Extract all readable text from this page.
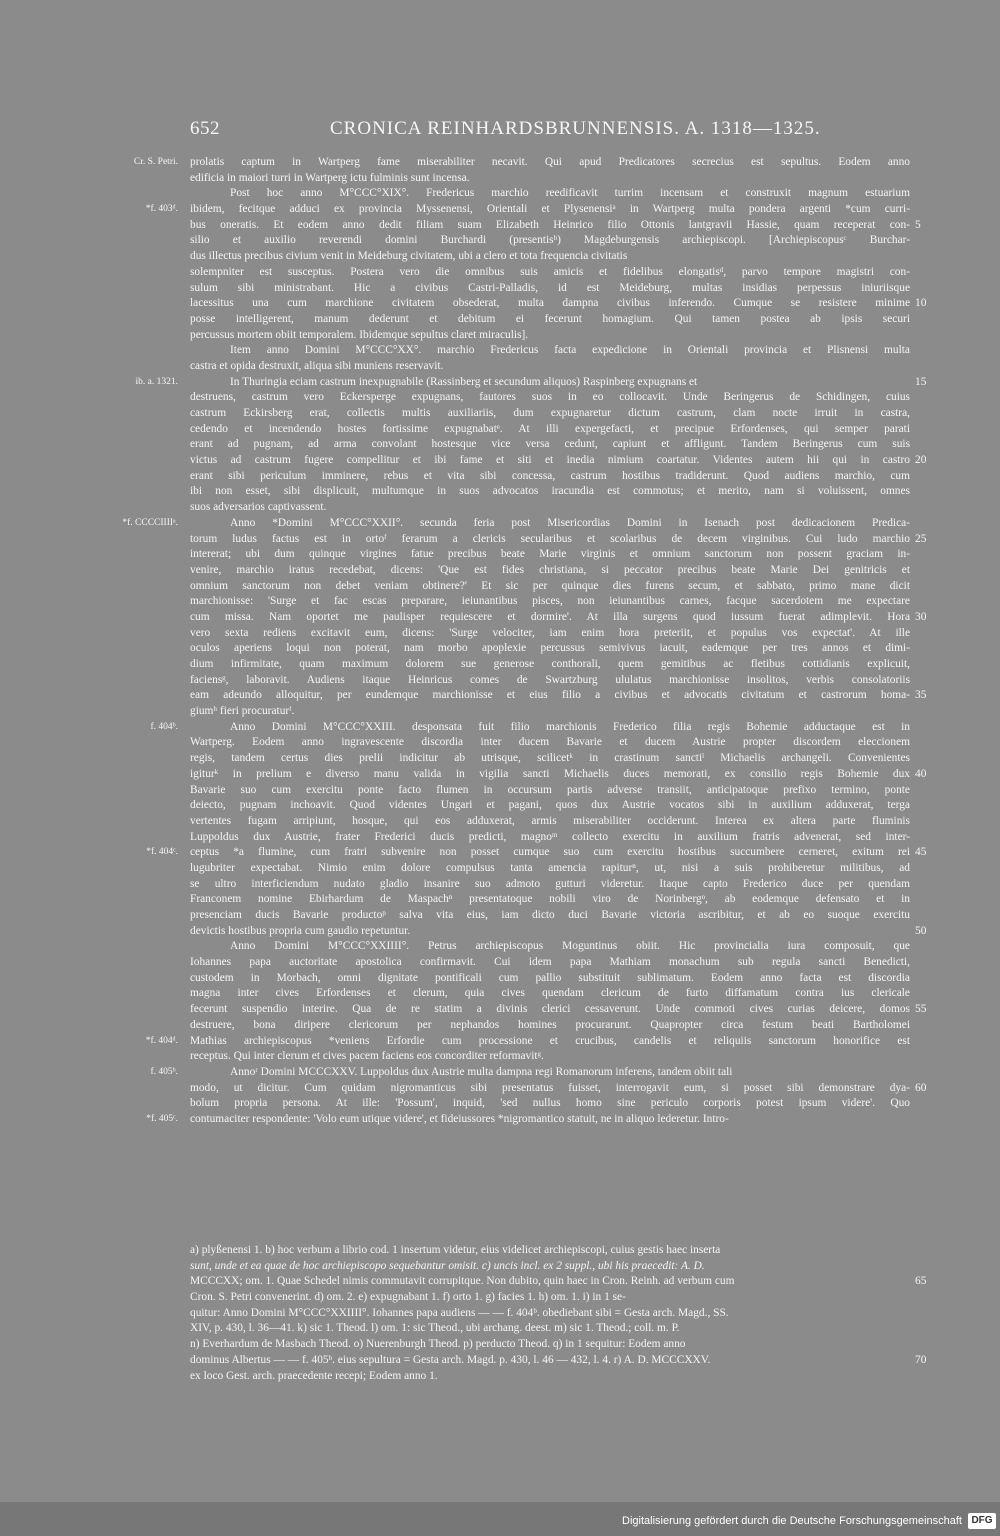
652	CRONICA REINHARDSBRUNNENSIS. A. 1318—1325.
Cr. S. Petri. prolatis captum in Wartperg fame miserabiliter necavit. Qui apud Predicatores secrecius est sepultus. Eodem anno
edificia in maiori turri in Wartperg ictu fulminis sunt incensa.
Post hoc anno M°CCC°XIX°. Fredericus marchio reedificavit turrim incensam et construxit magnum estuarium
*f. 403ᵈ. ibidem, fecitque adduci ex provincia Myssenensi, Orientali et Plysenensiᵃ in Wartperg multa pondera argenti *cum curri-
bus oneratis. Et eodem anno dedit filiam suam Elizabeth Heinrico filio Ottonis lantgravii Hassie, quam receperat con- 5
silio et auxilio reverendi domini Burchardi (presentisᵇ) Magdeburgensis archiepiscopi. [Archiepiscopusᶜ Burchar-
dus illectus precibus civium venit in Meideburg civitatem, ubi a clero et tota frequencia civitatis
solempniter est susceptus. Postera vero die omnibus suis amicis et fidelibus elongatisᵈ, parvo tempore magistri con-
sulum sibi ministrabant. Hic a civibus Castri-Palladis, id est Meideburg, multas insidias perpessus iniuriisque
lacessitus una cum marchione civitatem obsederat, multa dampna civibus inferendo. Cumque se resistere minime 10
posse intelligerent, manum dederunt et debitum ei fecerunt homagium. Qui tamen postea ab ipsis securi
percussus mortem obiit temporalem. Ibidemque sepultus claret miraculis].
Item anno Domini M°CCC°XX°. marchio Fredericus facta expedicione in Orientali provincia et Plisnensi multa
castra et opida destruxit, aliqua sibi muniens reservavit.
ib. a. 1321.	In Thuringia eciam castrum inexpugnabile (Rassinberg et secundum aliquos) Raspinberg expugnans et	15
destruens, castrum vero Eckersperge expugnans, fautores suos in eo collocavit. Unde Beringerus de Schidingen, cuius
castrum Eckirsberg erat, collectis multis auxiliariis, dum expugnaretur dictum castrum, clam nocte irruit in castra,
cedendo et incendendo hostes fortissime expugnabatᵉ. At illi expergefacti, et precipue Erfordenses, qui semper parati
erant ad pugnam, ad arma convolant hostesque vice versa cedunt, capiunt et affligunt. Tandem Beringerus cum suis
victus ad castrum fugere compellitur et ibi fame et siti et inedia nimium coartatur. Videntes autem hii qui in castro 20
erant sibi periculum imminere, rebus et vita sibi concessa, castrum hostibus tradiderunt. Quod audiens marchio, cum
ibi non esset, sibi displicuit, multumque in suos advocatos iracundia est commotus; et merito, nam si voluissent, omnes
suos adversarios captivassent.
*f. CCCCIIIIᵃ.	Anno *Domini M°CCC°XXII°. secunda feria post Misericordias Domini in Isenach post dedicacionem Predica-
torum ludus factus est in ortoᶠ ferarum a clericis secularibus et scolaribus de decem virginibus. Cui ludo marchio 25
intererat; ubi dum quinque virgines fatue precibus beate Marie virginis et omnium sanctorum non possent graciam in-
venire, marchio iratus recedebat, dicens: 'Que est fides christiana, si peccator precibus beate Marie Dei genitricis et
omnium sanctorum non debet veniam obtinere?' Et sic per quinque dies furens secum, et sabbato, primo mane dicit
marchionisse: 'Surge et fac escas preparare, ieiunantibus pisces, non ieiunantibus carnes, facque sacerdotem me expectare
cum missa. Nam oportet me paulisper requiescere et dormire'. At illa surgens quod iussum fuerat adimplevit. Hora 30
vero sexta rediens excitavit eum, dicens: 'Surge velociter, iam enim hora preteriit, et populus vos expectat'. At ille
oculos aperiens loqui non poterat, nam morbo apoplexie percussus semivivus iacuit, eademque per tres annos et dimi-
dium infirmitate, quam maximum dolorem sue generose conthorali, quem gemitibus ac fletibus cottidianis explicuit,
faciensᵍ, laboravit. Audiens itaque Heinricus comes de Swartzburg ululatus marchionisse insolitos, verbis consolatoriis
eam adeundo alloquitur, per eundemque marchionisse et eius filio a civibus et advocatis civitatum et castrorum homa- 35
giumʰ fieri procuraturⁱ.
f. 404ᵇ.	Anno Domini M°CCC°XXIII. desponsata fuit filio marchionis Frederico filia regis Bohemie adductaque est in
Wartperg. Eodem anno ingravescente discordia inter ducem Bavarie et ducem Austrie propter discordem eleccionem
regis, tandem certus dies prelii indicitur ab utrisque, scilicetᵏ in crastinum sanctiˡ Michaelis archangeli. Convenientes
igiturᵏ in prelium e diverso manu valida in vigilia sancti Michaelis duces memorati, ex consilio regis Bohemie dux 40
Bavarie suo cum exercitu ponte facto flumen in occursum partis adverse transiit, anticipatoque prefixo termino, ponte
deiecto, pugnam inchoavit. Quod videntes Ungari et pagani, quos dux Austrie vocatos sibi in auxilium adduxerat, terga
vertentes fugam arripiunt, hosque, qui eos adduxerat, armis miserabiliter occiderunt. Interea ex altera parte fluminis
Luppoldus dux Austrie, frater Frederici ducis predicti, magnoᵐ collecto exercitu in auxilium fratris advenerat, sed inter-
*f. 404ᶜ. ceptus *a flumine, cum fratri subvenire non posset cumque suo cum exercitu hostibus succumbere cerneret, exitum rei 45
lugubriter expectabat. Nimio enim dolore compulsus tanta amencia rapiturⁿ, ut, nisi a suis prohiberetur militibus, ad
se ultro interficiendum nudato gladio insanire suo admoto gutturi videretur. Itaque capto Frederico duce per quendam
Franconem nomine Ebirhardum de Maspachⁿ presentatoque nobili viro de Norinbergᵒ, ab eodemque defensato et in
presenciam ducis Bavarie productoᵖ salva vita eius, iam dicto duci Bavarie victoria ascribitur, et ab eo suoque exercitu
devictis hostibus propria cum gaudio repetuntur.	50
Anno Domini M°CCC°XXIIII°. Petrus archiepiscopus Moguntinus obiit. Hic provincialia iura composuit, que
Iohannes papa auctoritate apostolica confirmavit. Cui idem papa Mathiam monachum sub regula sancti Benedicti,
custodem in Morbach, omni dignitate pontificali cum pallio substituit sublimatum. Eodem anno facta est discordia
magna inter cives Erfordenses et clerum, quia cives quendam clericum de furto diffamatum contra ius clericale
fecerunt suspendio interire. Qua de re statim a divinis clerici cessaverunt. Unde commoti cives curias deicere, domos 55
destruere, bona diripere clericorum per nephandos homines procurarunt. Quapropter circa festum beati Bartholomei
*f. 404ᵈ. Mathias archiepiscopus *veniens Erfordie cum processione et crucibus, candelis et reliquiis sanctorum honorifice est
receptus. Qui inter clerum et cives pacem faciens eos concorditer reformavitᵍ.
f. 405ᵇ.	Annoʳ Domini MCCCXXV. Luppoldus dux Austrie multa dampna regi Romanorum inferens, tandem obiit tali
modo, ut dicitur. Cum quidam nigromanticus sibi presentatus fuisset, interrogavit eum, si posset sibi demonstrare dya- 60
bolum propria persona. At ille: 'Possum', inquid, 'sed nullus homo sine periculo corporis potest ipsum videre'. Quo
*f. 405ᶜ. contumaciter respondente: 'Volo eum utique videre', et fideiussores *nigromantico statuit, ne in aliquo lederetur. Intro-
a) plyßenensi 1. b) hoc verbum a librio cod. 1 insertum videtur, eius videlicet archiepiscopi, cuius gestis haec inserta
sunt, unde et ea quae de hoc archiepiscopo sequebantur omisit. c) uncis incl. ex 2 suppl., ubi his praecedit: A. D.
MCCCXX; om. 1. Quae Schedel nimis commutavit corrupitque. Non dubito, quin haec in Cron. Reinh. ad verbum cum	65
Cron. S. Petri convenerint. d) om. 2. e) expugnabant 1. f) orto 1. g) facies 1. h) om. 1. i) in 1 se-
quitur: Anno Domini M°CCC°XXIIII°. Iohannes papa audiens — — f. 404ᵇ. obediebant sibi = Gesta arch. Magd., SS.
XIV, p. 430, l. 36—41. k) sic 1. Theod. l) om. 1: sic Theod., ubi archang. deest. m) sic 1. Theod.; coll. m. P.
n) Everhardum de Masbach Theod. o) Nuerenburgh Theod. p) perducto Theod. q) in 1 sequitur: Eodem anno
dominus Albertus — — f. 405ᵇ. eius sepultura = Gesta arch. Magd. p. 430, l. 46 — 432, l. 4. r) A. D. MCCCXXV.	70
ex loco Gest. arch. praecedente recepi; Eodem anno 1.
Digitalisierung gefördert durch die Deutsche Forschungsgemeinschaft DFG
